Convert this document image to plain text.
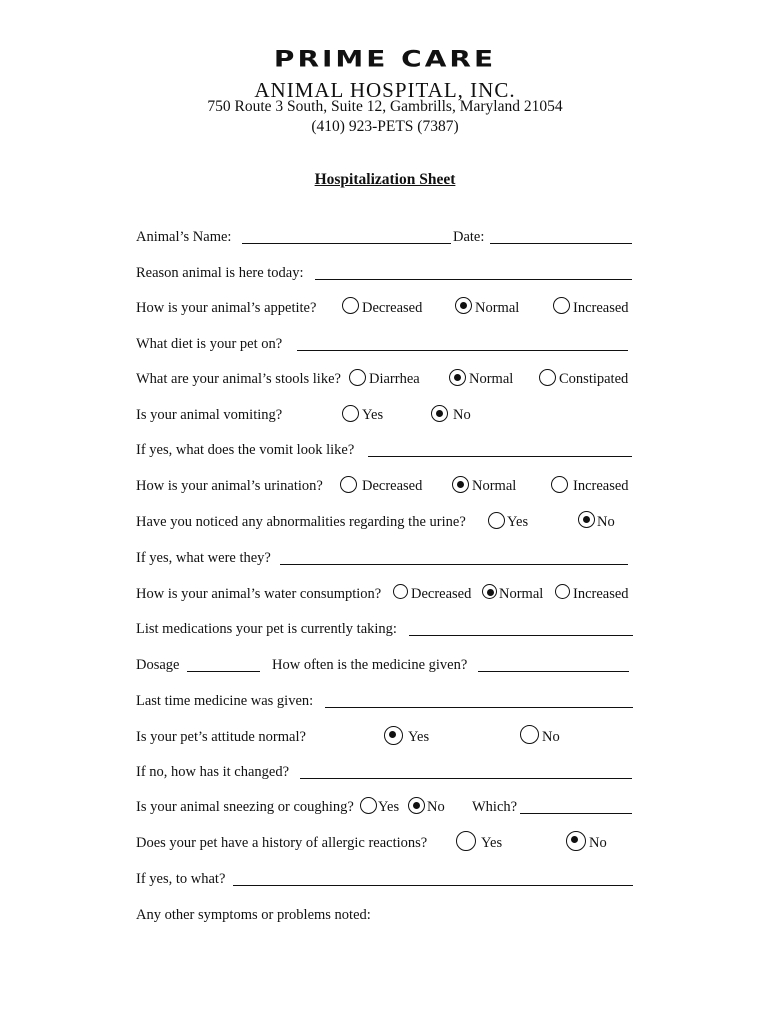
PRIME CARE
ANIMAL HOSPITAL, INC.
750 Route 3 South, Suite 12, Gambrills, Maryland 21054
(410) 923-PETS (7387)
Hospitalization Sheet
Animal’s Name:	Date:
Reason animal is here today:
How is your animal’s appetite?	Decreased	Normal	Increased
What diet is your pet on?
What are your animal’s stools like? Diarrhea	Normal	Constipated
Is your animal vomiting?	Yes	No
If yes, what does the vomit look like?
How is your animal’s urination?	Decreased	Normal	Increased
Have you noticed any abnormalities regarding the urine?	Yes	No
If yes, what were they?
How is your animal’s water consumption? Decreased Normal Increased
List medications your pet is currently taking:
Dosage	How often is the medicine given?
Last time medicine was given:
Is your pet’s attitude normal?	Yes	No
If no, how has it changed?
Is your animal sneezing or coughing? Yes No Which?
Does your pet have a history of allergic reactions?	Yes	No
If yes, to what?
Any other symptoms or problems noted:
